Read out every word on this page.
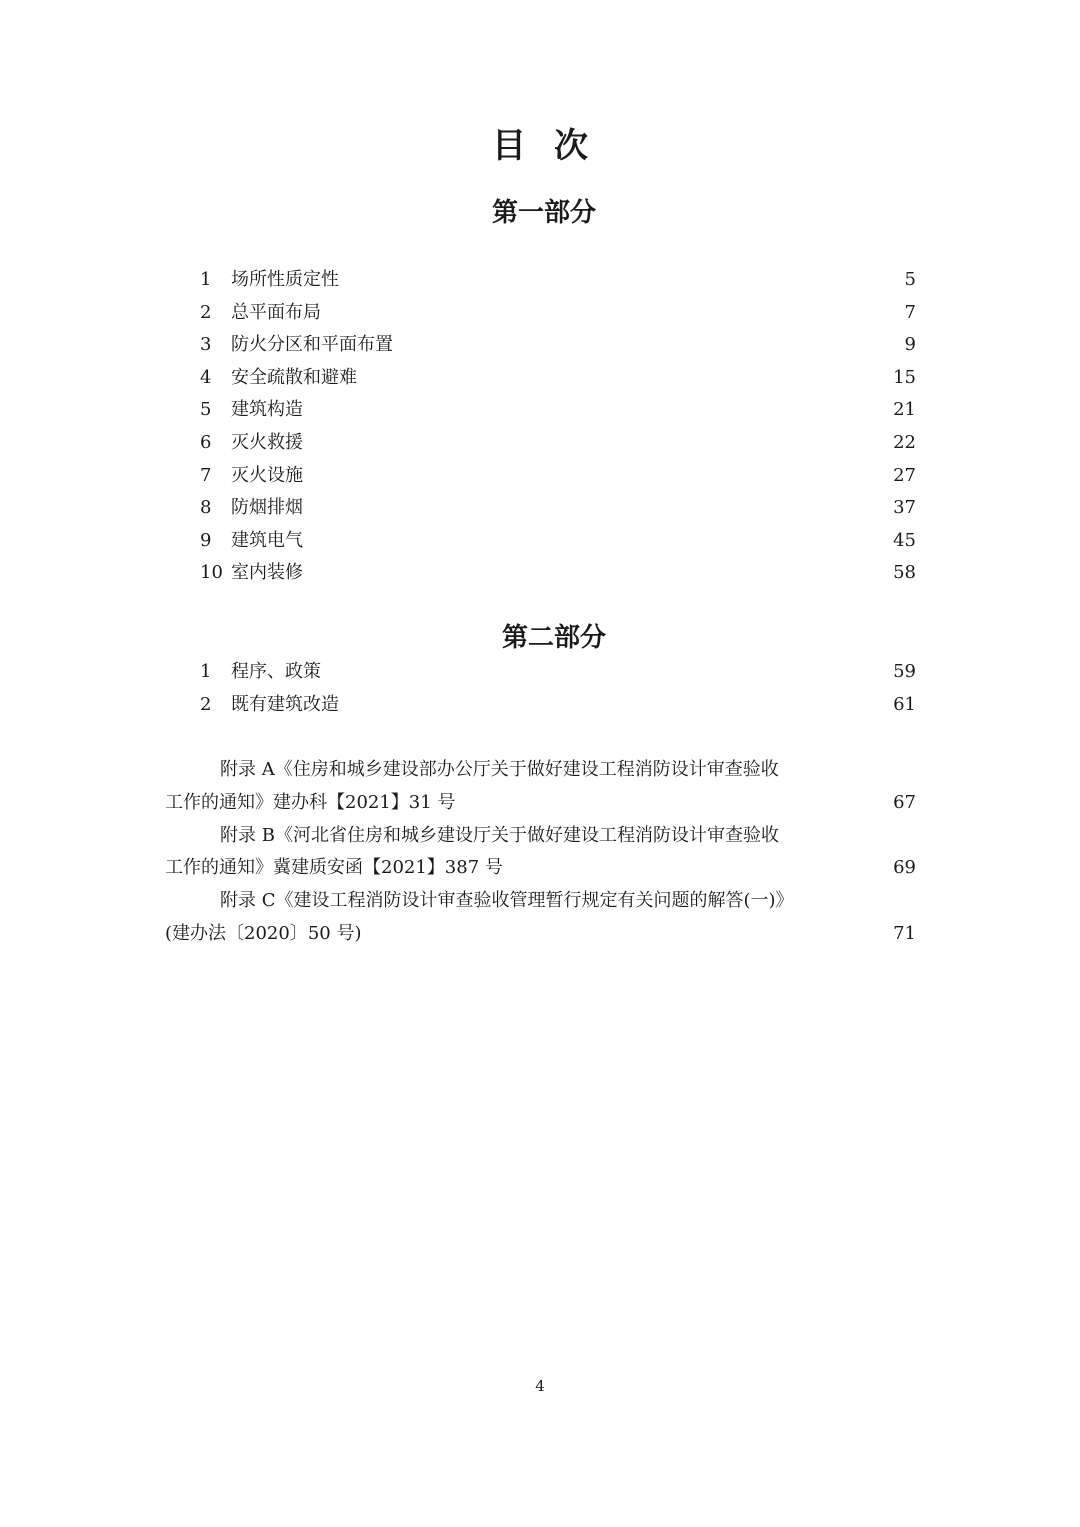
目次
第一部分
1 场所性质定性	5
2 总平面布局	7
3 防火分区和平面布置	9
4 安全疏散和避难	15
5 建筑构造	21
6 灭火救援	22
7 灭火设施	27
8 防烟排烟	37
9 建筑电气	45
10 室内装修	58
第二部分
1 程序、政策	59
2 既有建筑改造	61
附录 A《住房和城乡建设部办公厅关于做好建设工程消防设计审查验收
工作的通知》建办科【2021】31 号	67
附录 B《河北省住房和城乡建设厅关于做好建设工程消防设计审查验收
工作的通知》冀建质安函【2021】387 号	69
附录 C《建设工程消防设计审查验收管理暂行规定有关问题的解答(一)》
(建办法〔2020〕50 号)	71
4
